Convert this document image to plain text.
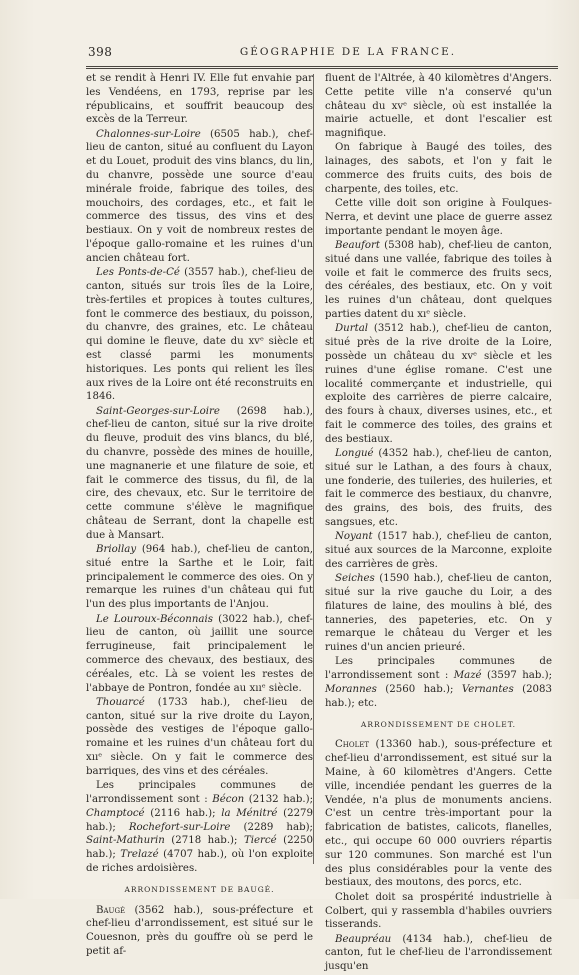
398	GÉOGRAPHIE DE LA FRANCE.

et se rendit à Henri IV. Elle fut envahie par les Vendéens, en 1793, reprise par les républicains, et souffrit beaucoup des excès de la Terreur.

Chalonnes-sur-Loire (6505 hab.), chef-lieu de canton, situé au confluent du Layon et du Louet, produit des vins blancs, du lin, du chanvre, possède une source d'eau minérale froide, fabrique des toiles, des mouchoirs, des cordages, etc., et fait le commerce des tissus, des vins et des bestiaux. On y voit de nombreux restes de l'époque gallo-romaine et les ruines d'un ancien château fort.

Les Ponts-de-Cé (3557 hab.), chef-lieu de canton, situés sur trois îles de la Loire, très-fertiles et propices à toutes cultures, font le commerce des bestiaux, du poisson, du chanvre, des graines, etc. Le château qui domine le fleuve, date du xvᵉ siècle et est classé parmi les monuments historiques. Les ponts qui relient les îles aux rives de la Loire ont été reconstruits en 1846.

Saint-Georges-sur-Loire (2698 hab.), chef-lieu de canton, situé sur la rive droite du fleuve, produit des vins blancs, du blé, du chanvre, possède des mines de houille, une magnanerie et une filature de soie, et fait le commerce des tissus, du fil, de la cire, des chevaux, etc. Sur le territoire de cette commune s'élève le magnifique château de Serrant, dont la chapelle est due à Mansart.

Briollay (964 hab.), chef-lieu de canton, situé entre la Sarthe et le Loir, fait principalement le commerce des oies. On y remarque les ruines d'un château qui fut l'un des plus importants de l'Anjou.

Le Louroux-Béconnais (3022 hab.), chef-lieu de canton, où jaillit une source ferrugineuse, fait principalement le commerce des chevaux, des bestiaux, des céréales, etc. Là se voient les restes de l'abbaye de Pontron, fondée au xııᵉ siècle.

Thouarcé (1733 hab.), chef-lieu de canton, situé sur la rive droite du Layon, possède des vestiges de l'époque gallo-romaine et les ruines d'un château fort du xııᵉ siècle. On y fait le commerce des barriques, des vins et des céréales.

Les principales communes de l'arrondissement sont : Bécon (2132 hab.); Champtocé (2116 hab.); la Ménitré (2279 hab.); Rochefort-sur-Loire (2289 hab); Saint-Mathurin (2718 hab.); Tiercé (2250 hab.); Trelazé (4707 hab.), où l'on exploite de riches ardoisières.

ARRONDISSEMENT DE BAUGÉ.

Baugé (3562 hab.), sous-préfecture et chef-lieu d'arrondissement, est situé sur le Couesnon, près du gouffre où se perd le petit af-

fluent de l'Altrée, à 40 kilomètres d'Angers. Cette petite ville n'a conservé qu'un château du xvᵉ siècle, où est installée la mairie actuelle, et dont l'escalier est magnifique.

On fabrique à Baugé des toiles, des lainages, des sabots, et l'on y fait le commerce des fruits cuits, des bois de charpente, des toiles, etc.

Cette ville doit son origine à Foulques-Nerra, et devint une place de guerre assez importante pendant le moyen âge.

Beaufort (5308 hab), chef-lieu de canton, situé dans une vallée, fabrique des toiles à voile et fait le commerce des fruits secs, des céréales, des bestiaux, etc. On y voit les ruines d'un château, dont quelques parties datent du xıᵉ siècle.

Durtal (3512 hab.), chef-lieu de canton, situé près de la rive droite de la Loire, possède un château du xvᵉ siècle et les ruines d'une église romane. C'est une localité commerçante et industrielle, qui exploite des carrières de pierre calcaire, des fours à chaux, diverses usines, etc., et fait le commerce des toiles, des grains et des bestiaux.

Longué (4352 hab.), chef-lieu de canton, situé sur le Lathan, a des fours à chaux, une fonderie, des tuileries, des huileries, et fait le commerce des bestiaux, du chanvre, des grains, des bois, des fruits, des sangsues, etc.

Noyant (1517 hab.), chef-lieu de canton, situé aux sources de la Marconne, exploite des carrières de grès.

Seiches (1590 hab.), chef-lieu de canton, situé sur la rive gauche du Loir, a des filatures de laine, des moulins à blé, des tanneries, des papeteries, etc. On y remarque le château du Verger et les ruines d'un ancien prieuré.

Les principales communes de l'arrondissement sont : Mazé (3597 hab.); Morannes (2560 hab.); Vernantes (2083 hab.); etc.

ARRONDISSEMENT DE CHOLET.

Cholet (13360 hab.), sous-préfecture et chef-lieu d'arrondissement, est situé sur la Maine, à 60 kilomètres d'Angers. Cette ville, incendiée pendant les guerres de la Vendée, n'a plus de monuments anciens. C'est un centre très-important pour la fabrication de batistes, calicots, flanelles, etc., qui occupe 60 000 ouvriers répartis sur 120 communes. Son marché est l'un des plus considérables pour la vente des bestiaux, des moutons, des porcs, etc.

Cholet doit sa prospérité industrielle à Colbert, qui y rassembla d'habiles ouvriers tisserands.

Beaupréau (4134 hab.), chef-lieu de canton, fut le chef-lieu de l'arrondissement jusqu'en
